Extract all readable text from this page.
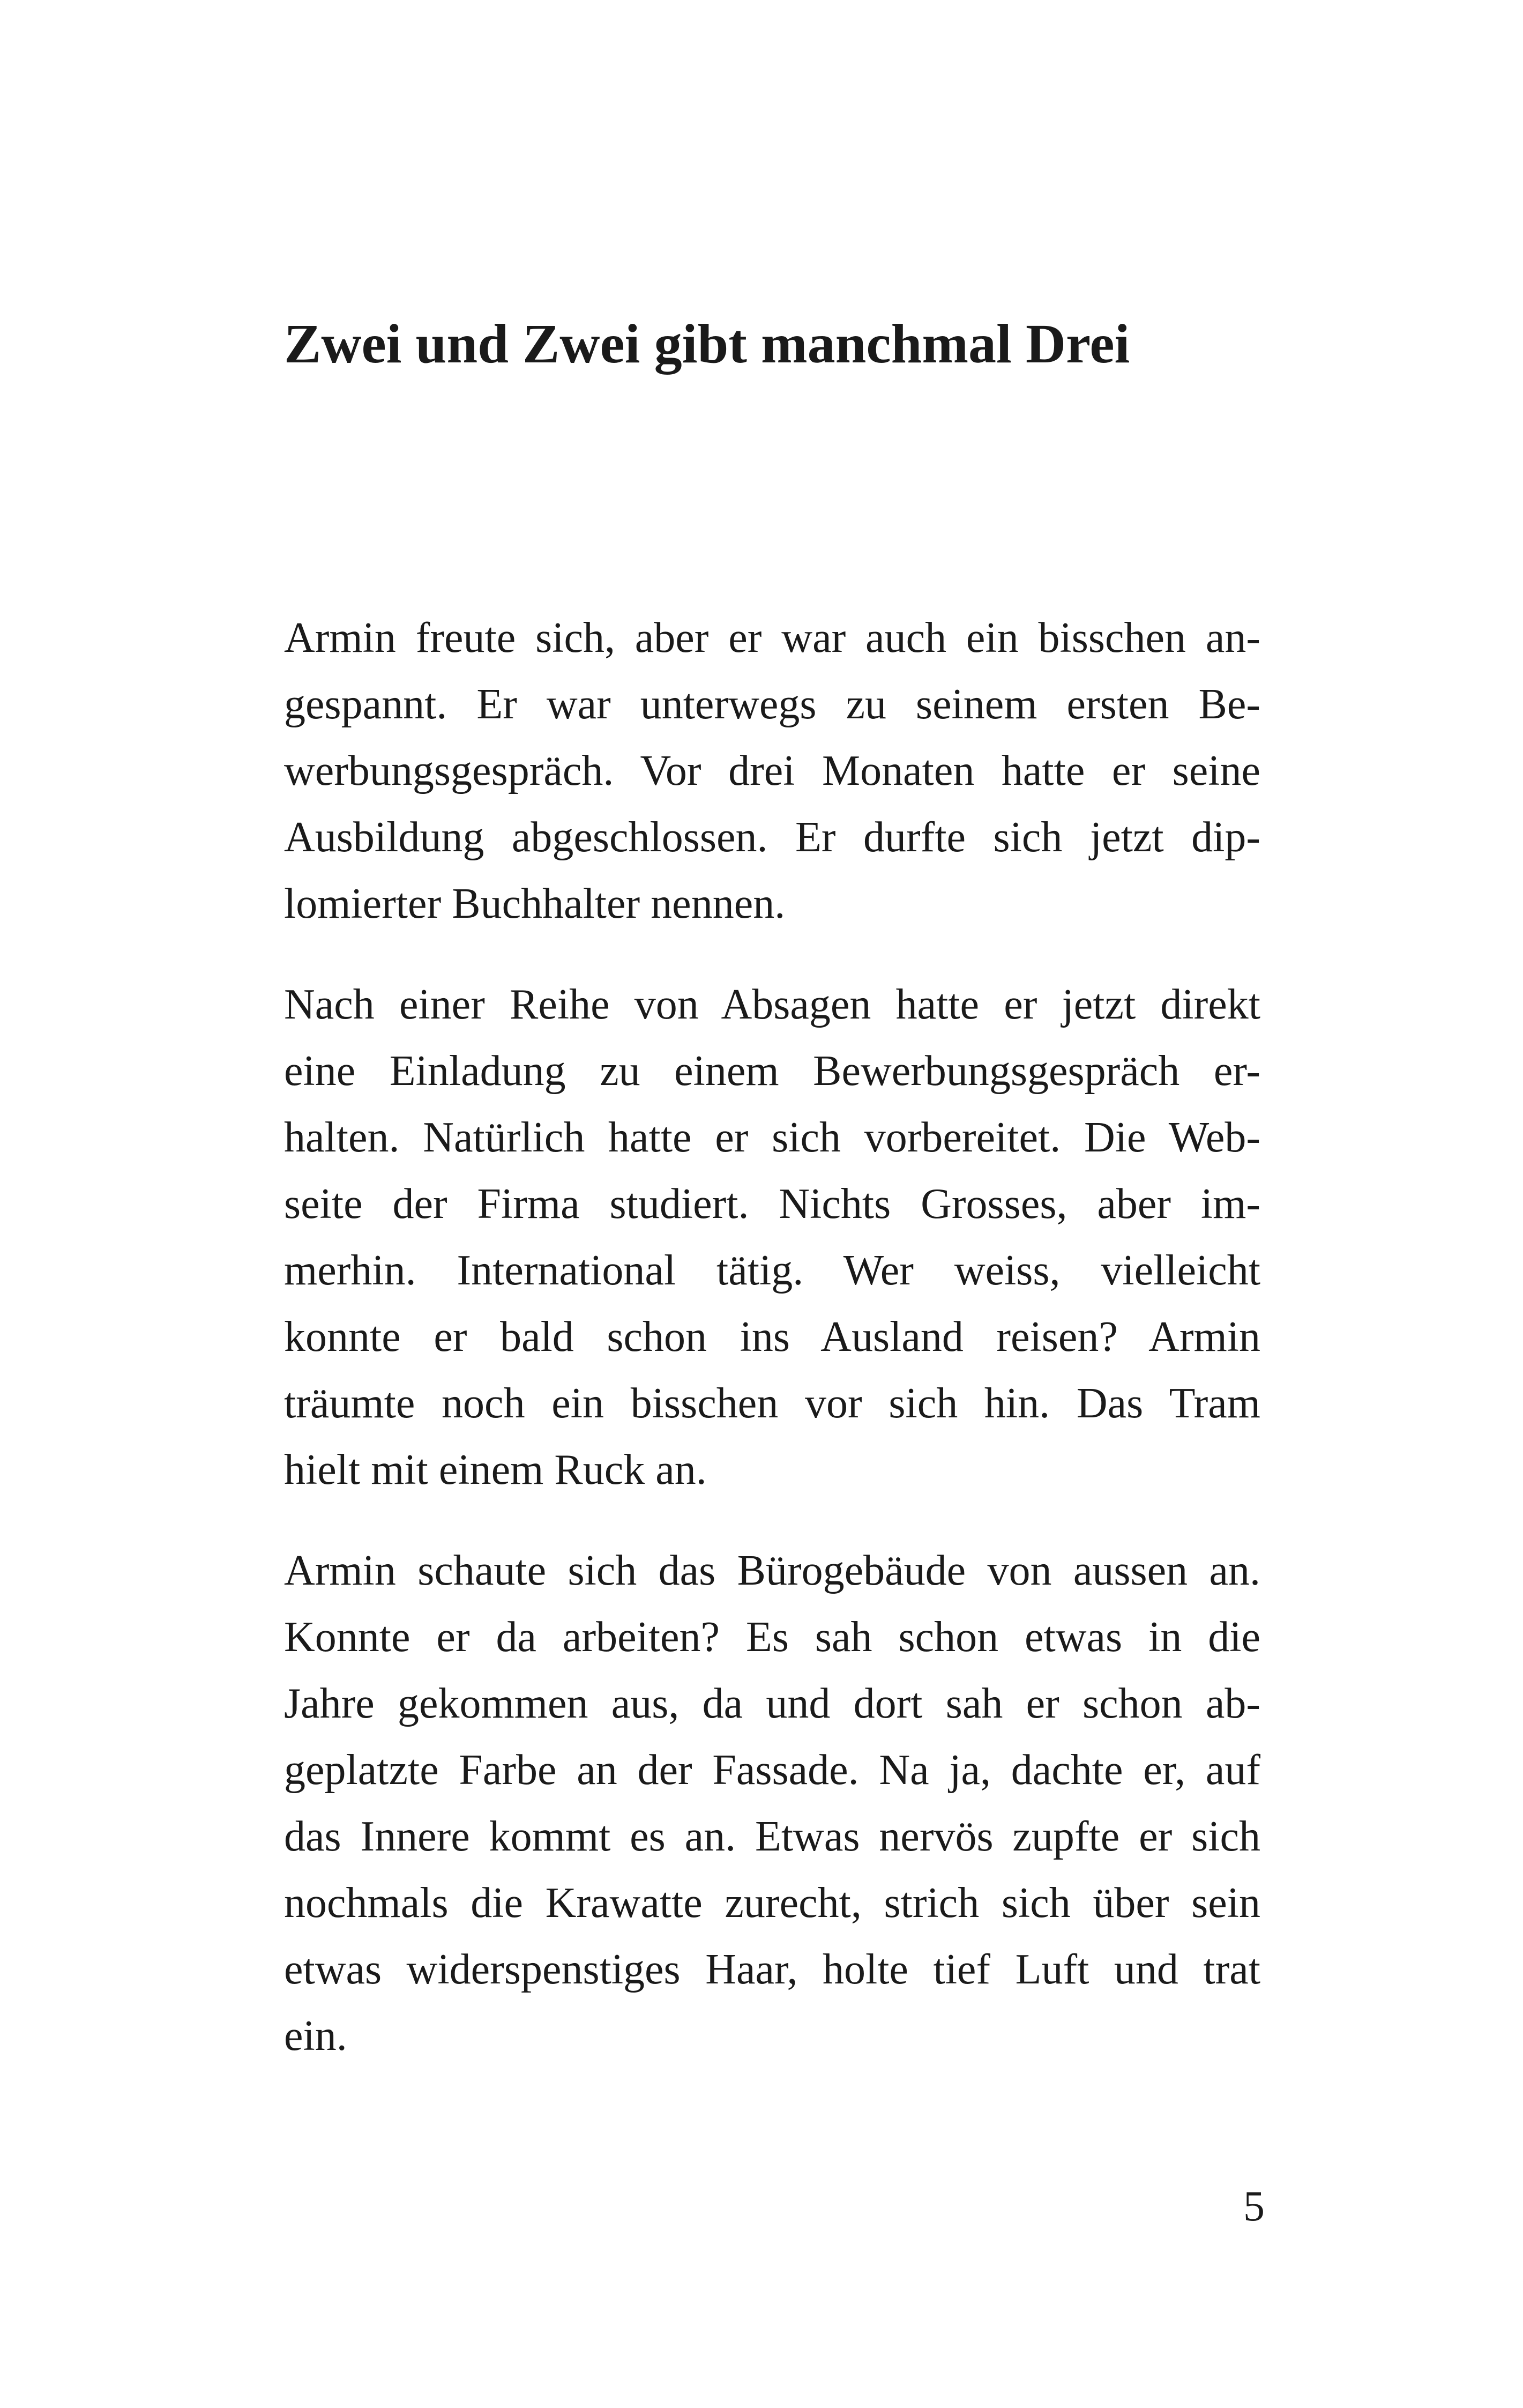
Zwei und Zwei gibt manchmal Drei

Armin freute sich, aber er war auch ein bisschen an-
gespannt. Er war unterwegs zu seinem ersten Be-
werbungsgespräch. Vor drei Monaten hatte er seine
Ausbildung abgeschlossen. Er durfte sich jetzt dip-
lomierter Buchhalter nennen.

Nach einer Reihe von Absagen hatte er jetzt direkt
eine Einladung zu einem Bewerbungsgespräch er-
halten. Natürlich hatte er sich vorbereitet. Die Web-
seite der Firma studiert. Nichts Grosses, aber im-
merhin. International tätig. Wer weiss, vielleicht
konnte er bald schon ins Ausland reisen? Armin
träumte noch ein bisschen vor sich hin. Das Tram
hielt mit einem Ruck an.

Armin schaute sich das Bürogebäude von aussen an.
Konnte er da arbeiten? Es sah schon etwas in die
Jahre gekommen aus, da und dort sah er schon ab-
geplatzte Farbe an der Fassade. Na ja, dachte er, auf
das Innere kommt es an. Etwas nervös zupfte er sich
nochmals die Krawatte zurecht, strich sich über sein
etwas widerspenstiges Haar, holte tief Luft und trat
ein.

5
